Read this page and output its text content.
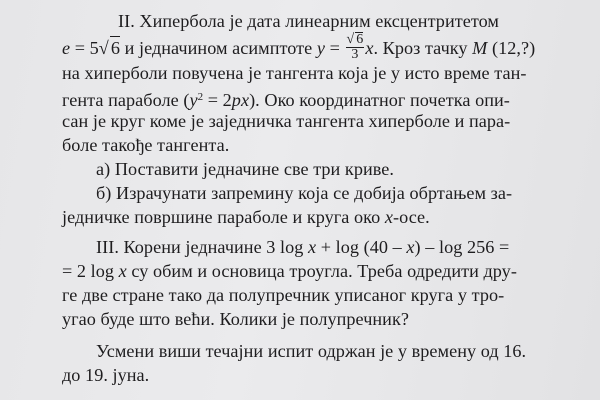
II. Хипербола је дата линеарним ексцентритетом
e = 5√ 6 и једначином асимптоте $y = \frac{√ 6}{3} x$. Кроз тачку M (12,?)
на хиперболи повучена је тангента која је у исто време тан-
гента параболе $(y^2 = 2px)$. Око координатног почетка опи-
сан је круг коме је заједничка тангента хиперболе и пара-
боле такође тангента.
а) Поставити једначине све три криве.
б) Израчунати запремину која се добија обртањем за-
једничке површине параболе и круга око x-осе.
III. Корени једначине 3 log x + log (40 – x) – log 256 =
= 2 log x су обим и основица троугла. Треба одредити дру-
ге две стране тако да полупречник уписаног круга у тро-
угао буде што већи. Колики је полупречник?
Усмени виши течајни испит одржан је у времену од 16.
до 19. јуна.
